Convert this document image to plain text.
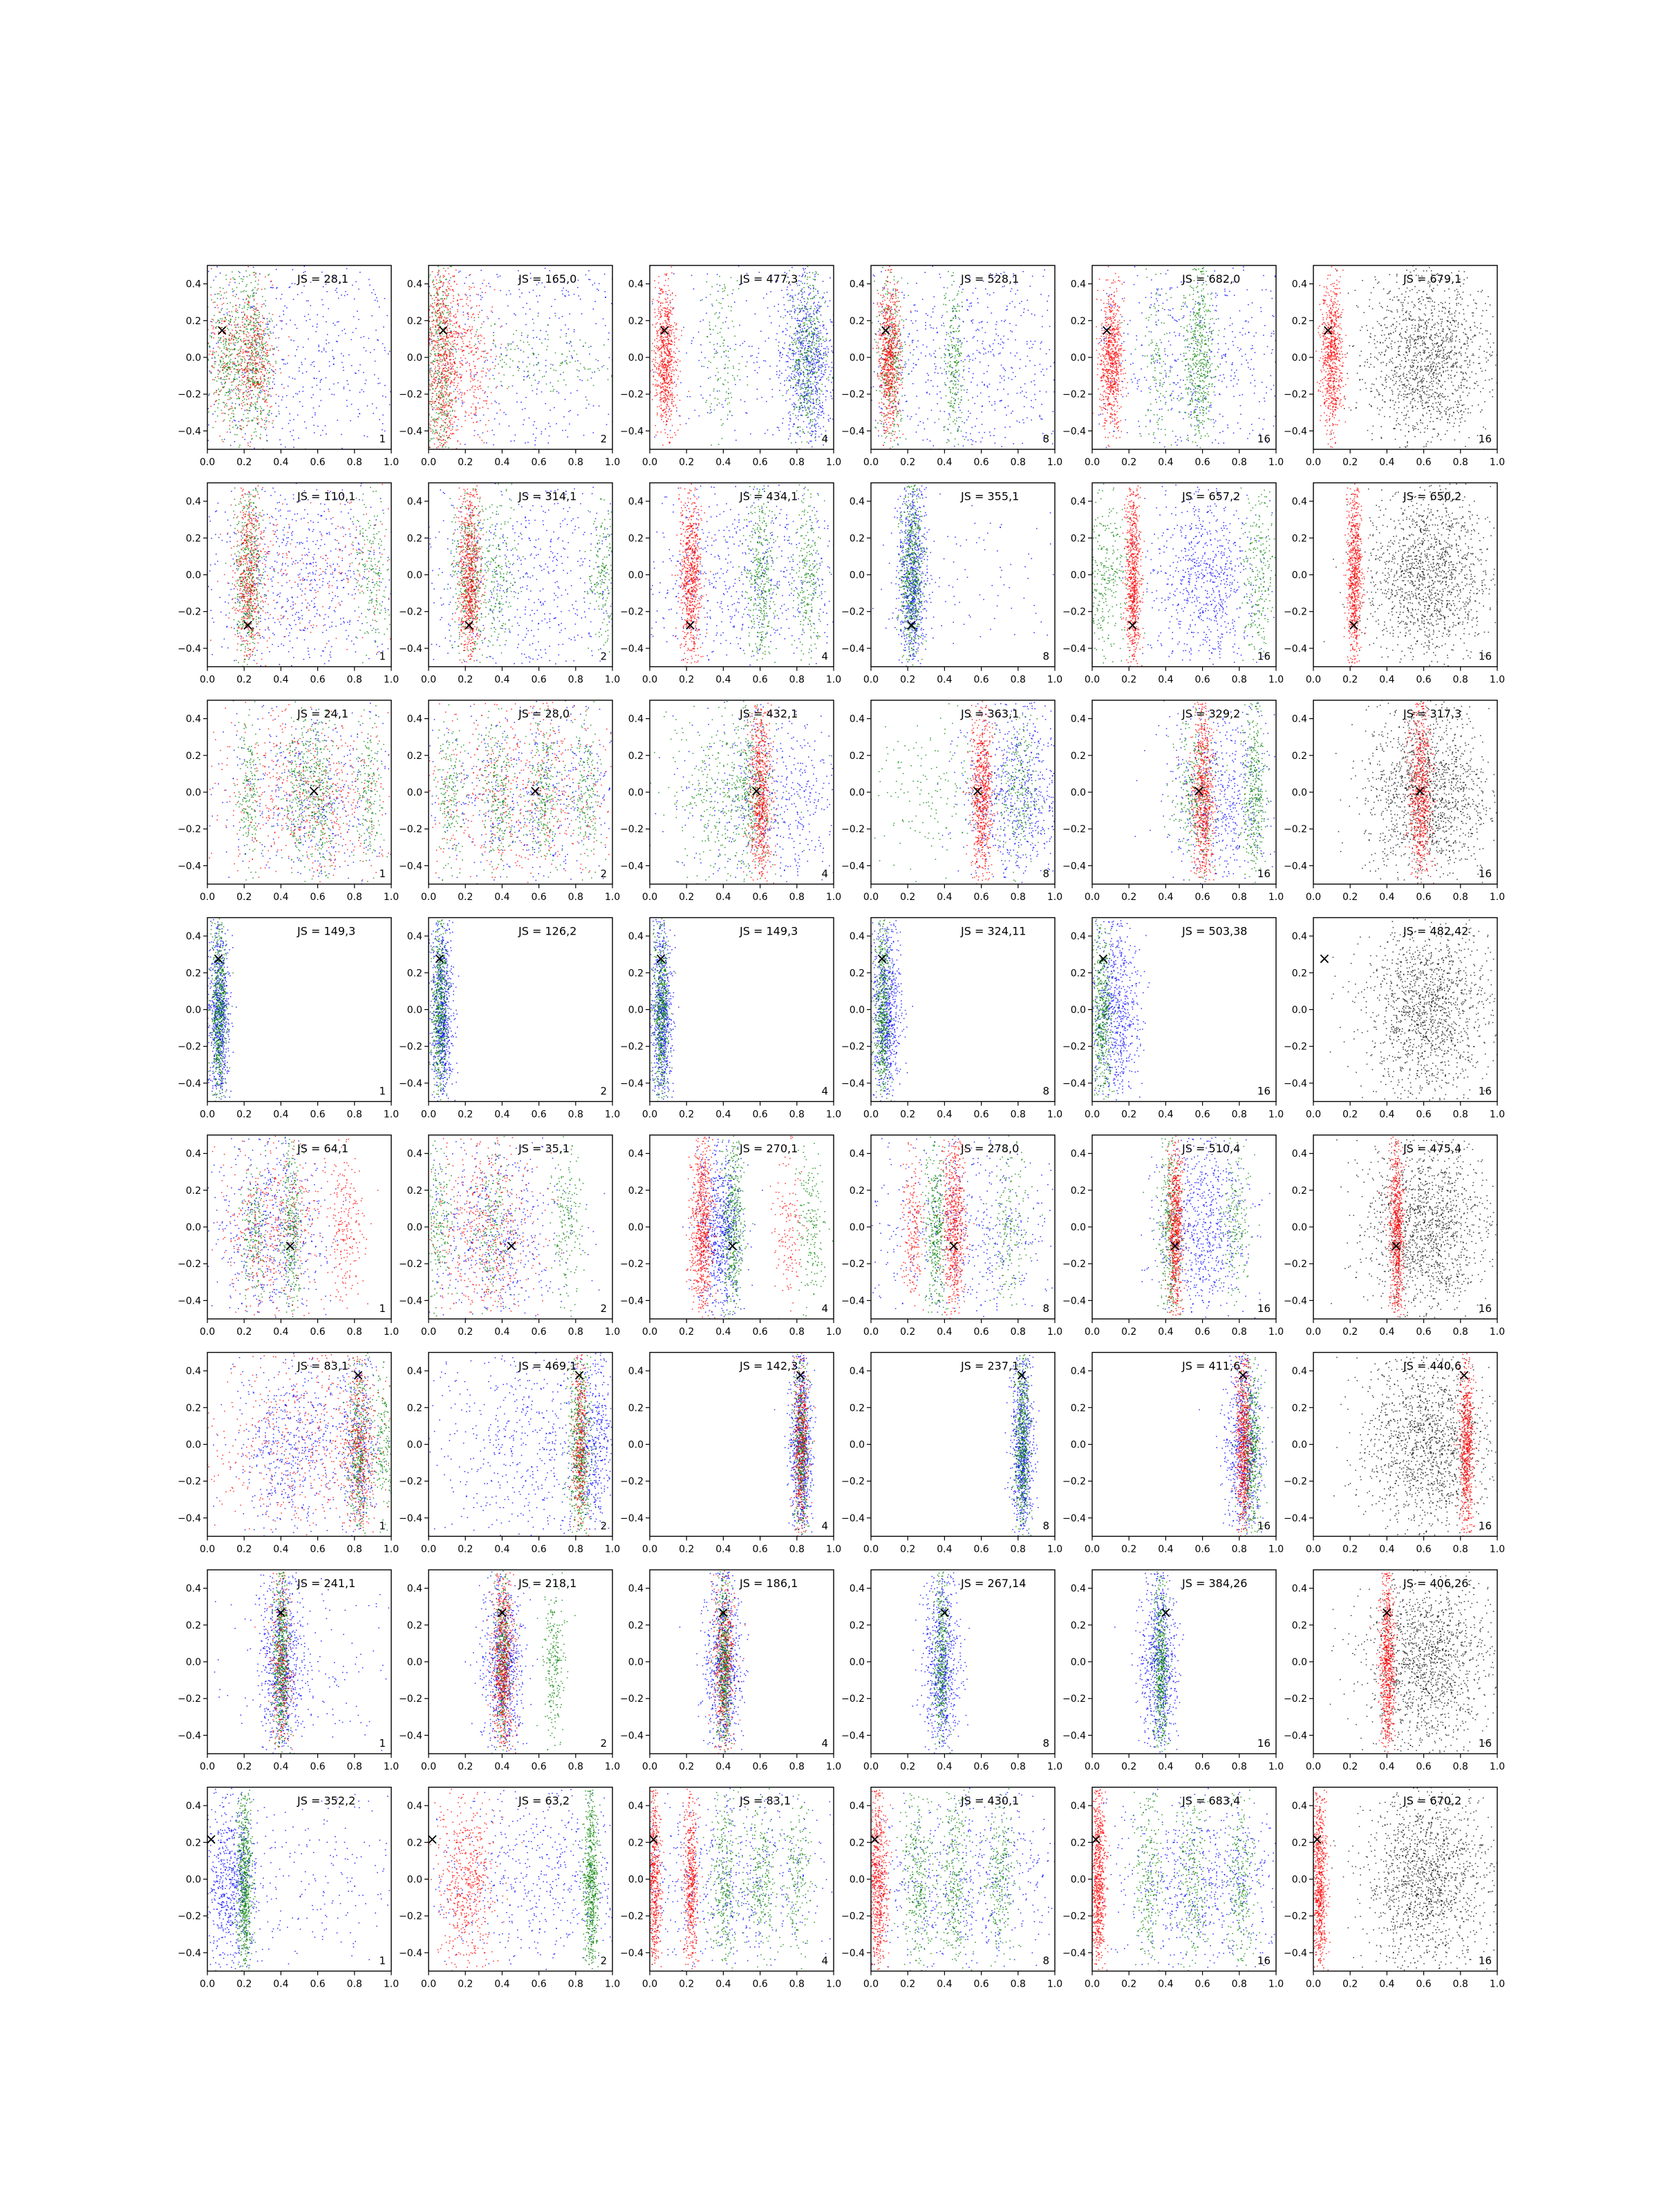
×
JS = 28,1
1
0.4
0.2
0.0
−0.2
−0.4
0.0 0.2 0.4 0.6 0.8 1.0
×
JS = 165,0
2
0.4
0.2
0.0
−0.2
−0.4
0.0 0.2 0.4 0.6 0.8 1.0
×
JS = 477,3
4
0.4
0.2
0.0
−0.2
−0.4
0.0 0.2 0.4 0.6 0.8 1.0
×
JS = 528,1
8
0.4
0.2
0.0
−0.2
−0.4
0.0 0.2 0.4 0.6 0.8 1.0
×
JS = 682,0
16
0.4
0.2
0.0
−0.2
−0.4
0.0 0.2 0.4 0.6 0.8 1.0
×
JS = 679,1
16
0.4
0.2
0.0
−0.2
−0.4
0.0 0.2 0.4 0.6 0.8 1.0
×
JS = 110,1
1
0.4
0.2
0.0
−0.2
−0.4
0.0 0.2 0.4 0.6 0.8 1.0
×
JS = 314,1
2
0.4
0.2
0.0
−0.2
−0.4
0.0 0.2 0.4 0.6 0.8 1.0
×
JS = 434,1
4
0.4
0.2
0.0
−0.2
−0.4
0.0 0.2 0.4 0.6 0.8 1.0
×
JS = 355,1
8
0.4
0.2
0.0
−0.2
−0.4
0.0 0.2 0.4 0.6 0.8 1.0
×
JS = 657,2
16
0.4
0.2
0.0
−0.2
−0.4
0.0 0.2 0.4 0.6 0.8 1.0
×
JS = 650,2
16
0.4
0.2
0.0
−0.2
−0.4
0.0 0.2 0.4 0.6 0.8 1.0
×
JS = 24,1
1
0.4
0.2
0.0
−0.2
−0.4
0.0 0.2 0.4 0.6 0.8 1.0
×
JS = 28,0
2
0.4
0.2
0.0
−0.2
−0.4
0.0 0.2 0.4 0.6 0.8 1.0
×
JS = 432,1
4
0.4
0.2
0.0
−0.2
−0.4
0.0 0.2 0.4 0.6 0.8 1.0
×
JS = 363,1
8
0.4
0.2
0.0
−0.2
−0.4
0.0 0.2 0.4 0.6 0.8 1.0
×
JS = 329,2
16
0.4
0.2
0.0
−0.2
−0.4
0.0 0.2 0.4 0.6 0.8 1.0
×
JS = 317,3
16
0.4
0.2
0.0
−0.2
−0.4
0.0 0.2 0.4 0.6 0.8 1.0
×
JS = 149,3
1
0.4
0.2
0.0
−0.2
−0.4
0.0 0.2 0.4 0.6 0.8 1.0
×
JS = 126,2
2
0.4
0.2
0.0
−0.2
−0.4
0.0 0.2 0.4 0.6 0.8 1.0
×
JS = 149,3
4
0.4
0.2
0.0
−0.2
−0.4
0.0 0.2 0.4 0.6 0.8 1.0
×
JS = 324,11
8
0.4
0.2
0.0
−0.2
−0.4
0.0 0.2 0.4 0.6 0.8 1.0
×
JS = 503,38
16
0.4
0.2
0.0
−0.2
−0.4
0.0 0.2 0.4 0.6 0.8 1.0
×
JS = 482,42
16
0.4
0.2
0.0
−0.2
−0.4
0.0 0.2 0.4 0.6 0.8 1.0
×
JS = 64,1
1
0.4
0.2
0.0
−0.2
−0.4
0.0 0.2 0.4 0.6 0.8 1.0
×
JS = 35,1
2
0.4
0.2
0.0
−0.2
−0.4
0.0 0.2 0.4 0.6 0.8 1.0
×
JS = 270,1
4
0.4
0.2
0.0
−0.2
−0.4
0.0 0.2 0.4 0.6 0.8 1.0
×
JS = 278,0
8
0.4
0.2
0.0
−0.2
−0.4
0.0 0.2 0.4 0.6 0.8 1.0
×
JS = 510,4
16
0.4
0.2
0.0
−0.2
−0.4
0.0 0.2 0.4 0.6 0.8 1.0
×
JS = 475,4
16
0.4
0.2
0.0
−0.2
−0.4
0.0 0.2 0.4 0.6 0.8 1.0
×
JS = 83,1
1
0.4
0.2
0.0
−0.2
−0.4
0.0 0.2 0.4 0.6 0.8 1.0
×
JS = 469,1
2
0.4
0.2
0.0
−0.2
−0.4
0.0 0.2 0.4 0.6 0.8 1.0
×
JS = 142,3
4
0.4
0.2
0.0
−0.2
−0.4
0.0 0.2 0.4 0.6 0.8 1.0
×
JS = 237,1
8
0.4
0.2
0.0
−0.2
−0.4
0.0 0.2 0.4 0.6 0.8 1.0
×
JS = 411,6
16
0.4
0.2
0.0
−0.2
−0.4
0.0 0.2 0.4 0.6 0.8 1.0
×
JS = 440,6
16
0.4
0.2
0.0
−0.2
−0.4
0.0 0.2 0.4 0.6 0.8 1.0
×
JS = 241,1
1
0.4
0.2
0.0
−0.2
−0.4
0.0 0.2 0.4 0.6 0.8 1.0
×
JS = 218,1
2
0.4
0.2
0.0
−0.2
−0.4
0.0 0.2 0.4 0.6 0.8 1.0
×
JS = 186,1
4
0.4
0.2
0.0
−0.2
−0.4
0.0 0.2 0.4 0.6 0.8 1.0
×
JS = 267,14
8
0.4
0.2
0.0
−0.2
−0.4
0.0 0.2 0.4 0.6 0.8 1.0
×
JS = 384,26
16
0.4
0.2
0.0
−0.2
−0.4
0.0 0.2 0.4 0.6 0.8 1.0
×
JS = 406,26
16
0.4
0.2
0.0
−0.2
−0.4
0.0 0.2 0.4 0.6 0.8 1.0
×
JS = 352,2
1
0.4
0.2
0.0
−0.2
−0.4
0.0 0.2 0.4 0.6 0.8 1.0
×
JS = 63,2
2
0.4
0.2
0.0
−0.2
−0.4
0.0 0.2 0.4 0.6 0.8 1.0
×
JS = 83,1
4
0.4
0.2
0.0
−0.2
−0.4
0.0 0.2 0.4 0.6 0.8 1.0
×
JS = 430,1
8
0.4
0.2
0.0
−0.2
−0.4
0.0 0.2 0.4 0.6 0.8 1.0
×
JS = 683,4
16
0.4
0.2
0.0
−0.2
−0.4
0.0 0.2 0.4 0.6 0.8 1.0
×
JS = 670,2
16
0.4
0.2
0.0
−0.2
−0.4
0.0 0.2 0.4 0.6 0.8 1.0
